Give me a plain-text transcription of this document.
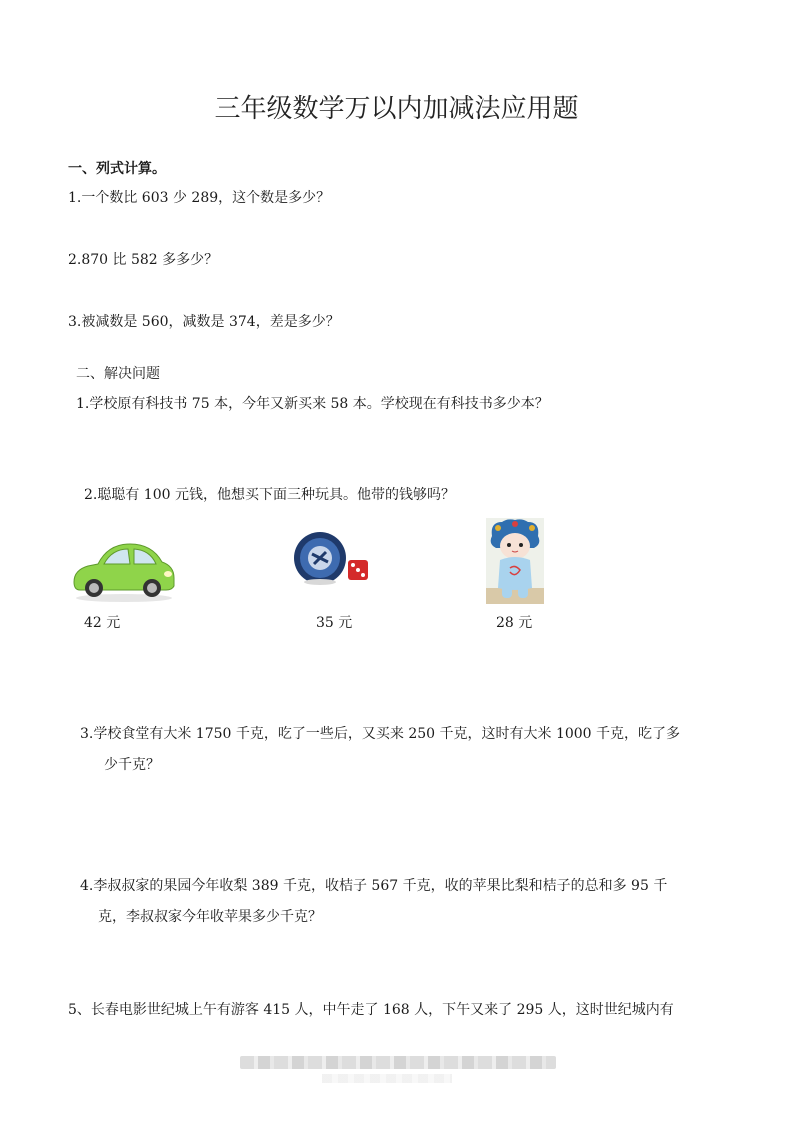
三年级数学万以内加减法应用题
一、列式计算。
1.一个数比 603 少 289，这个数是多少？
2.870 比 582 多多少？
3.被减数是 560，减数是 374，差是多少？
二、解决问题
1.学校原有科技书 75 本，今年又新买来 58 本。学校现在有科技书多少本？
2.聪聪有 100 元钱，他想买下面三种玩具。他带的钱够吗？
42 元	35 元	28 元
3.学校食堂有大米 1750 千克，吃了一些后，又买来 250 千克，这时有大米 1000 千克，吃了多
少千克？
4.李叔叔家的果园今年收梨 389 千克，收桔子 567 千克，收的苹果比梨和桔子的总和多 95 千
克，李叔叔家今年收苹果多少千克？
5、长春电影世纪城上午有游客 415 人，中午走了 168 人，下午又来了 295 人，这时世纪城内有
